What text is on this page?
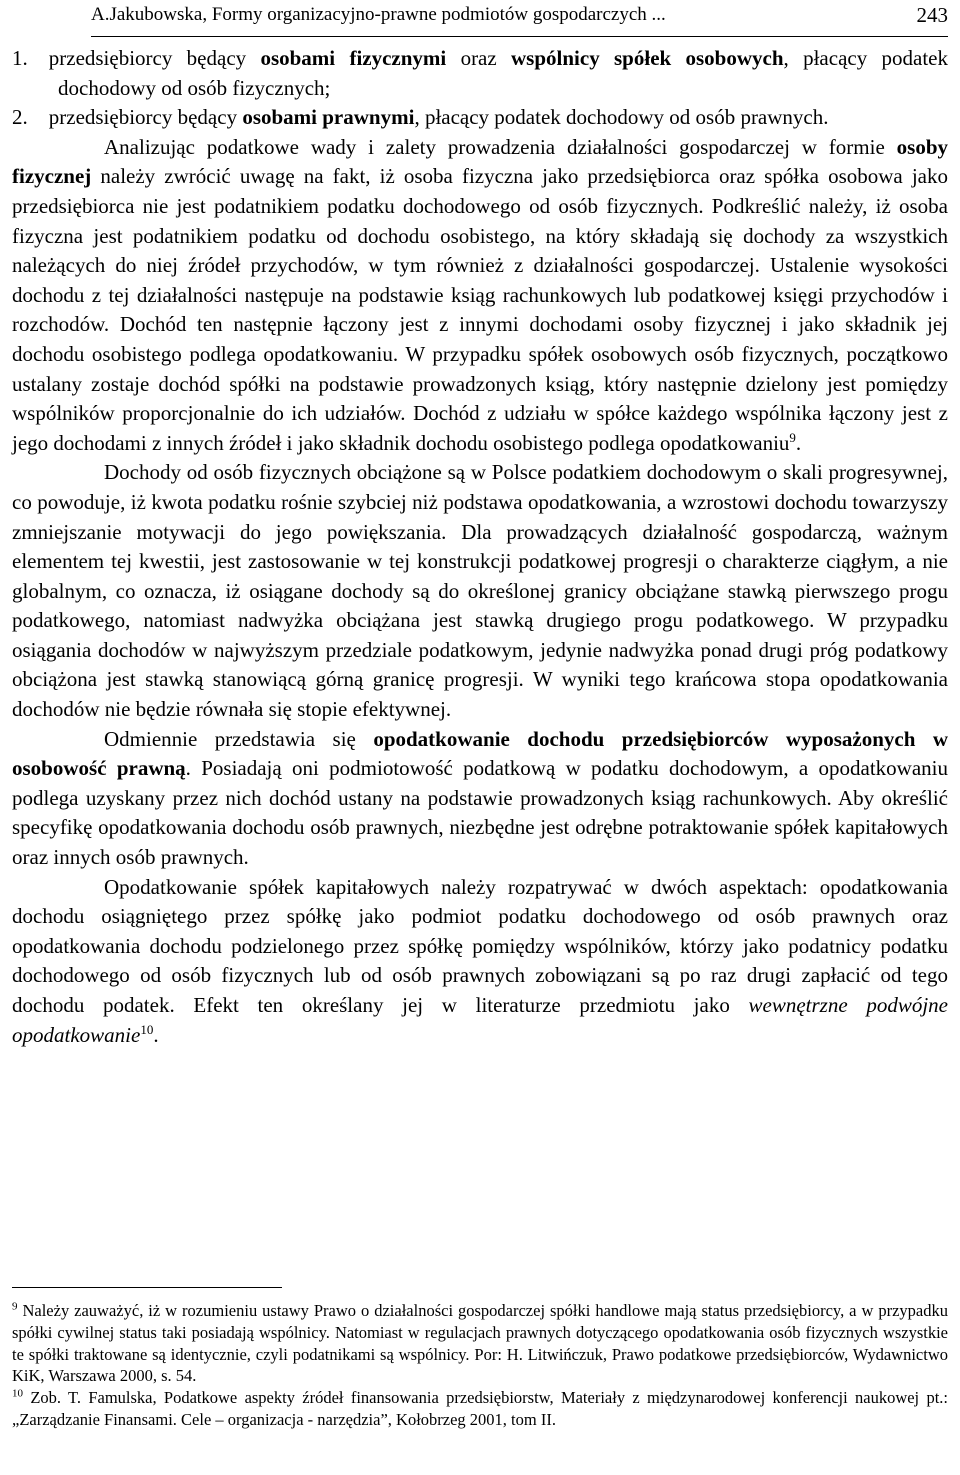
A.Jakubowska, Formy organizacyjno-prawne podmiotów gospodarczych ...	243

1.  przedsiębiorcy będący osobami fizycznymi oraz wspólnicy spółek osobowych, płacący podatek dochodowy od osób fizycznych;

2.  przedsiębiorcy będący osobami prawnymi, płacący podatek dochodowy od osób prawnych.

Analizując podatkowe wady i zalety prowadzenia działalności gospodarczej w formie osoby fizycznej należy zwrócić uwagę na fakt, iż osoba fizyczna jako przedsiębiorca oraz spółka osobowa jako przedsiębiorca nie jest podatnikiem podatku dochodowego od osób fizycznych. Podkreślić należy, iż osoba fizyczna jest podatnikiem podatku od dochodu osobistego, na który składają się dochody za wszystkich należących do niej źródeł przychodów, w tym również z działalności gospodarczej. Ustalenie wysokości dochodu z tej działalności następuje na podstawie ksiąg rachunkowych lub podatkowej księgi przychodów i rozchodów. Dochód ten następnie łączony jest z innymi dochodami osoby fizycznej i jako składnik jej dochodu osobistego podlega opodatkowaniu. W przypadku spółek osobowych osób fizycznych, początkowo ustalany zostaje dochód spółki na podstawie prowadzonych ksiąg, który następnie dzielony jest pomiędzy wspólników proporcjonalnie do ich udziałów. Dochód z udziału w spółce każdego wspólnika łączony jest z jego dochodami z innych źródeł i jako składnik dochodu osobistego podlega opodatkowaniu$^9$.

Dochody od osób fizycznych obciążone są w Polsce podatkiem dochodowym o skali progresywnej, co powoduje, iż kwota podatku rośnie szybciej niż podstawa opodatkowania, a wzrostowi dochodu towarzyszy zmniejszanie motywacji do jego powiększania. Dla prowadzących działalność gospodarczą, ważnym elementem tej kwestii, jest zastosowanie w tej konstrukcji podatkowej progresji o charakterze ciągłym, a nie globalnym, co oznacza, iż osiągane dochody są do określonej granicy obciążane stawką pierwszego progu podatkowego, natomiast nadwyżka obciążana jest stawką drugiego progu podatkowego. W przypadku osiągania dochodów w najwyższym przedziale podatkowym, jedynie nadwyżka ponad drugi próg podatkowy obciążona jest stawką stanowiącą górną granicę progresji. W wyniki tego krańcowa stopa opodatkowania dochodów nie będzie równała się stopie efektywnej.

Odmiennie przedstawia się opodatkowanie dochodu przedsiębiorców wyposażonych w osobowość prawną. Posiadają oni podmiotowość podatkową w podatku dochodowym, a opodatkowaniu podlega uzyskany przez nich dochód ustany na podstawie prowadzonych ksiąg rachunkowych. Aby określić specyfikę opodatkowania dochodu osób prawnych, niezbędne jest odrębne potraktowanie spółek kapitałowych oraz innych osób prawnych.

Opodatkowanie spółek kapitałowych należy rozpatrywać w dwóch aspektach: opodatkowania dochodu osiągniętego przez spółkę jako podmiot podatku dochodowego od osób prawnych oraz opodatkowania dochodu podzielonego przez spółkę pomiędzy wspólników, którzy jako podatnicy podatku dochodowego od osób fizycznych lub od osób prawnych zobowiązani są po raz drugi zapłacić od tego dochodu podatek. Efekt ten określany jej w literaturze przedmiotu jako wewnętrzne podwójne opodatkowanie$^{10}$.

$^9$ Należy zauważyć, iż w rozumieniu ustawy Prawo o działalności gospodarczej spółki handlowe mają status przedsiębiorcy, a w przypadku spółki cywilnej status taki posiadają wspólnicy. Natomiast w regulacjach prawnych dotyczącego opodatkowania osób fizycznych wszystkie te spółki traktowane są identycznie, czyli podatnikami są wspólnicy. Por: H. Litwińczuk, Prawo podatkowe przedsiębiorców, Wydawnictwo KiK, Warszawa 2000, s. 54.

$^{10}$ Zob. T. Famulska, Podatkowe aspekty źródeł finansowania przedsiębiorstw, Materiały z międzynarodowej konferencji naukowej pt.: „Zarządzanie Finansami. Cele – organizacja - narzędzia”, Kołobrzeg 2001, tom II.
